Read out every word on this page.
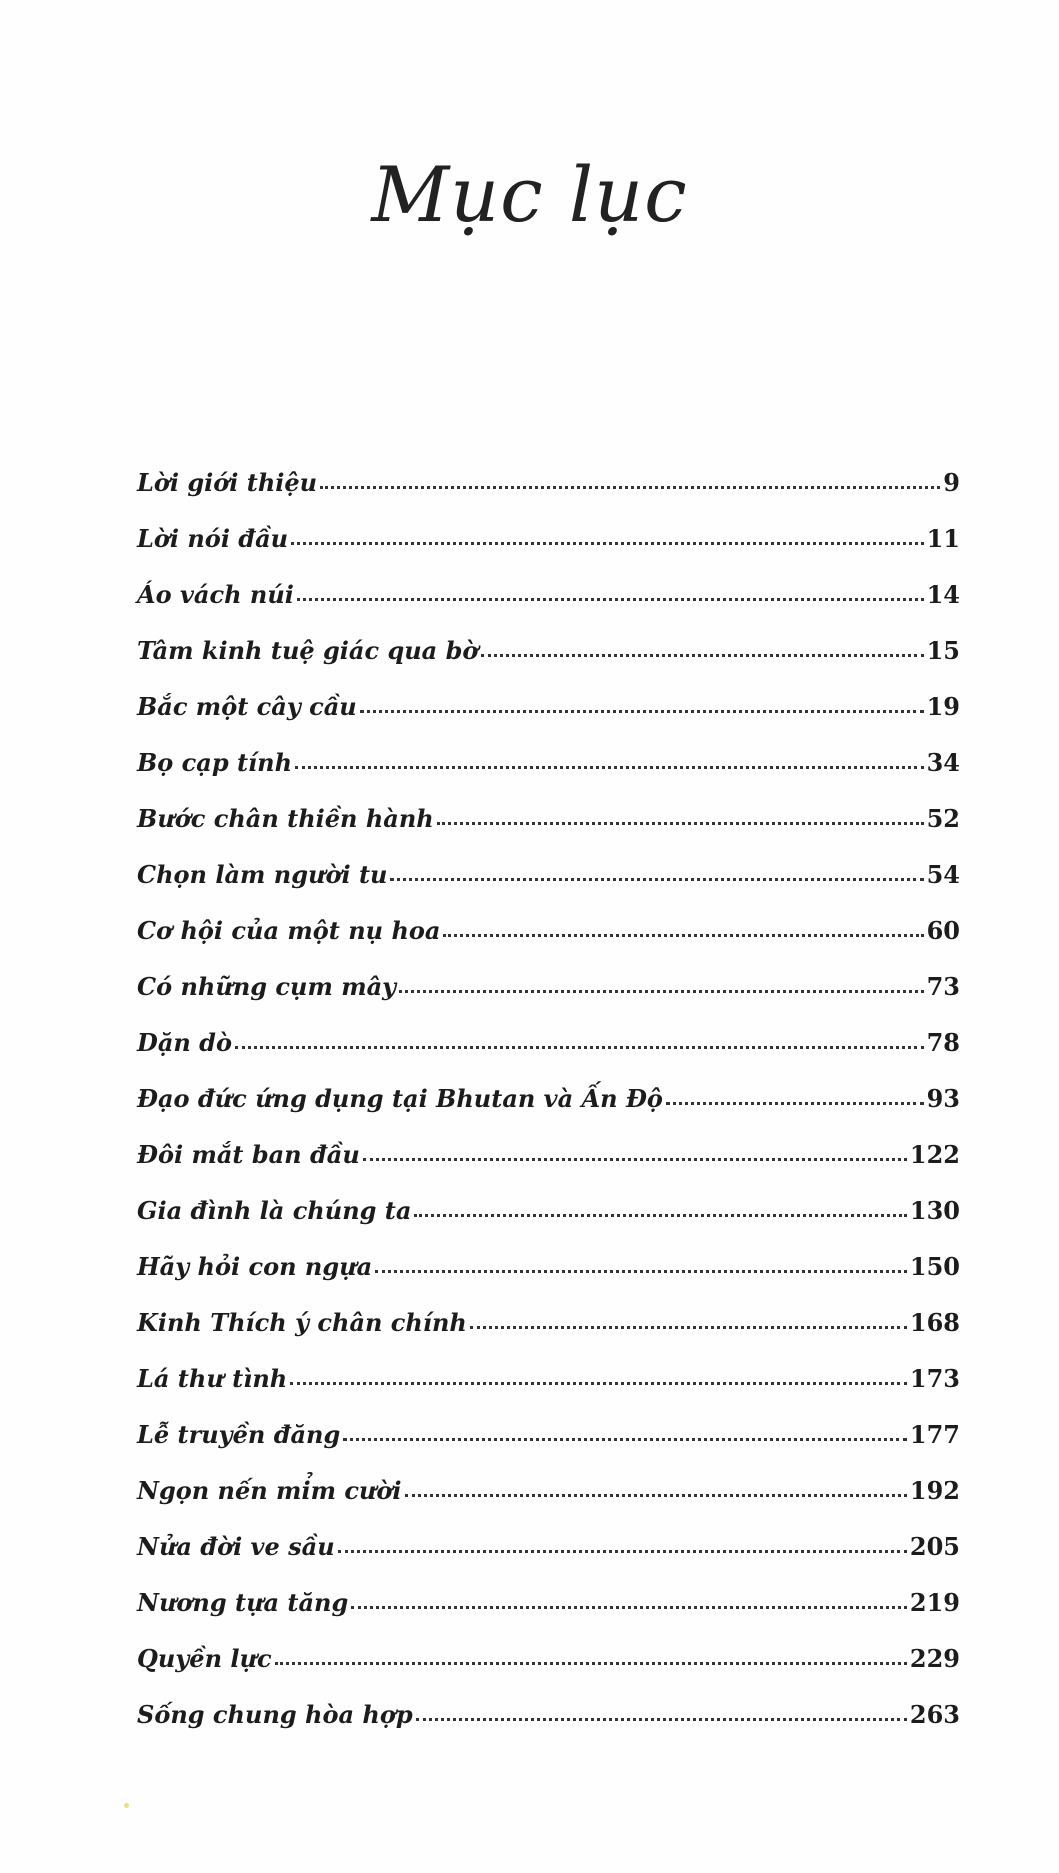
Mục lục
Lời giới thiệu	9
Lời nói đầu	11
Áo vách núi	14
Tâm kinh tuệ giác qua bờ	15
Bắc một cây cầu	19
Bọ cạp tính	34
Bước chân thiền hành	52
Chọn làm người tu	54
Cơ hội của một nụ hoa	60
Có những cụm mây	73
Dặn dò	78
Đạo đức ứng dụng tại Bhutan và Ấn Độ	93
Đôi mắt ban đầu	122
Gia đình là chúng ta	130
Hãy hỏi con ngựa	150
Kinh Thích ý chân chính	168
Lá thư tình	173
Lễ truyền đăng	177
Ngọn nến mỉm cười	192
Nửa đời ve sầu	205
Nương tựa tăng	219
Quyền lực	229
Sống chung hòa hợp	263
